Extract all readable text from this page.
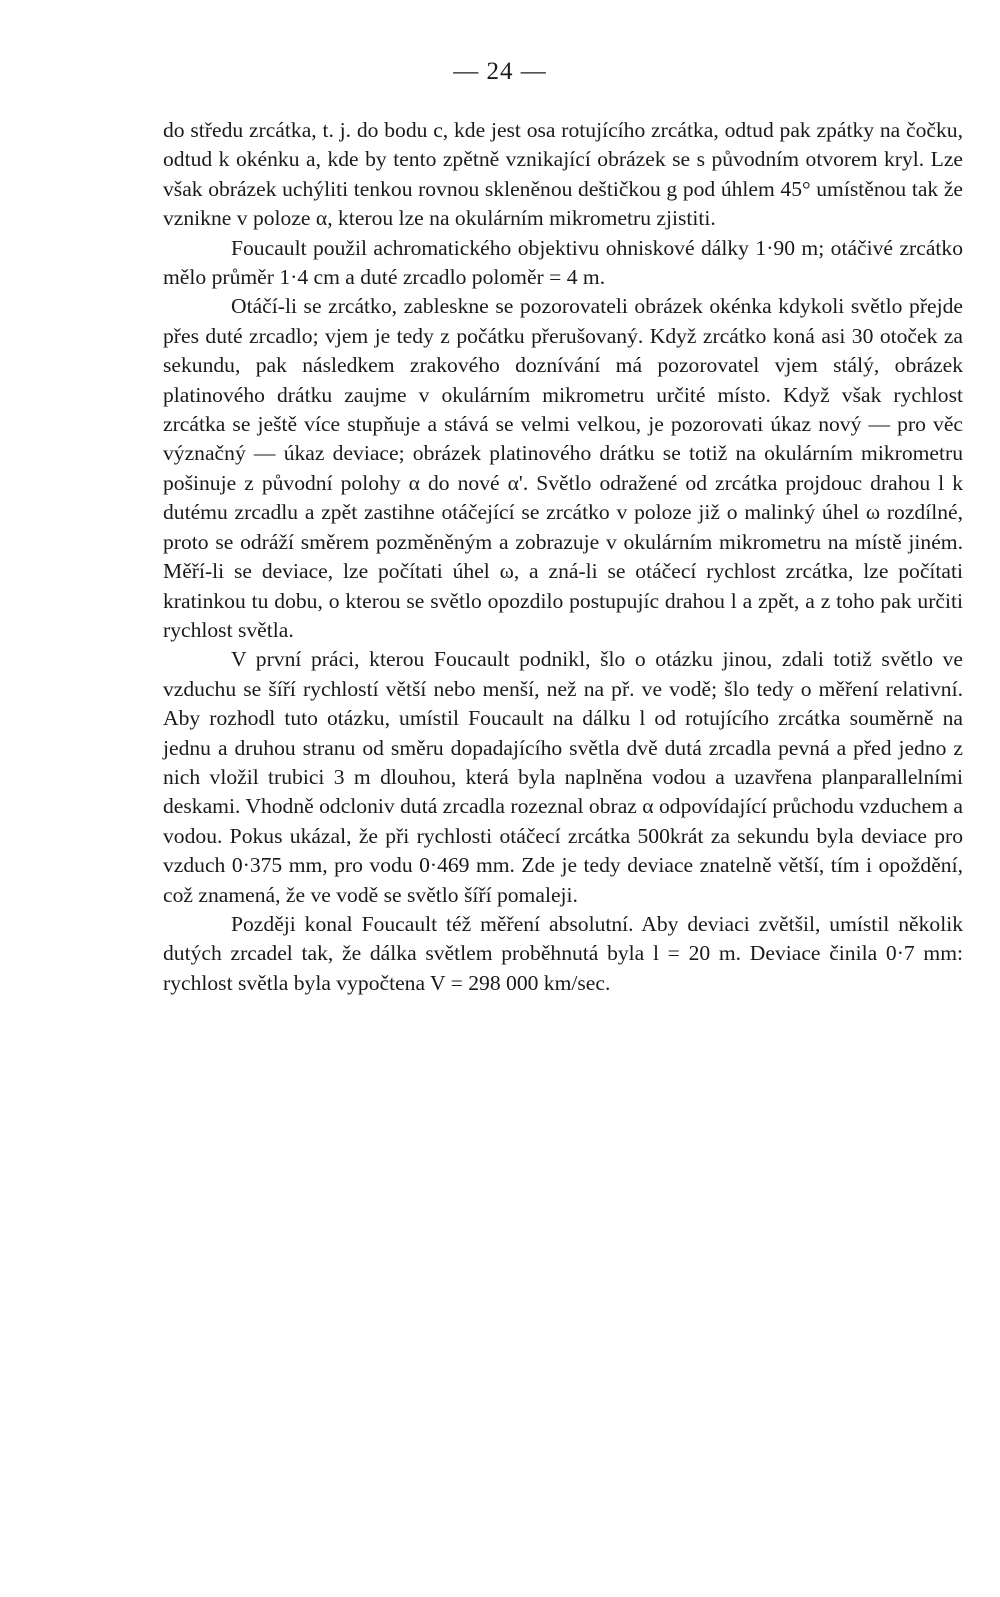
— 24 —

do středu zrcátka, t. j. do bodu c, kde jest osa rotujícího zrcátka, odtud pak zpátky na čočku, odtud k okénku a, kde by tento zpětně vznikající obrázek se s původním otvorem kryl. Lze však obrázek uchýliti tenkou rovnou skleněnou deštičkou g pod úhlem 45° umístěnou tak že vznikne v poloze α, kterou lze na okulárním mikrometru zjistiti.

Foucault použil achromatického objektivu ohniskové dálky 1·90 m; otáčivé zrcátko mělo průměr 1·4 cm a duté zrcadlo poloměr = 4 m.

Otáčí-li se zrcátko, zableskne se pozorovateli obrázek okénka kdykoli světlo přejde přes duté zrcadlo; vjem je tedy z počátku přerušovaný. Když zrcátko koná asi 30 otoček za sekundu, pak následkem zrakového doznívání má pozorovatel vjem stálý, obrázek platinového drátku zaujme v okulárním mikrometru určité místo. Když však rychlost zrcátka se ještě více stupňuje a stává se velmi velkou, je pozorovati úkaz nový — pro věc význačný — úkaz deviace; obrázek platinového drátku se totiž na okulárním mikrometru pošinuje z původní polohy α do nové α'. Světlo odražené od zrcátka projdouc drahou l k dutému zrcadlu a zpět zastihne otáčející se zrcátko v poloze již o malinký úhel ω rozdílné, proto se odráží směrem pozměněným a zobrazuje v okulárním mikrometru na místě jiném. Měří-li se deviace, lze počítati úhel ω, a zná-li se otáčecí rychlost zrcátka, lze počítati kratinkou tu dobu, o kterou se světlo opozdilo postupujíc drahou l a zpět, a z toho pak určiti rychlost světla.

V první práci, kterou Foucault podnikl, šlo o otázku jinou, zdali totiž světlo ve vzduchu se šíří rychlostí větší nebo menší, než na př. ve vodě; šlo tedy o měření relativní. Aby rozhodl tuto otázku, umístil Foucault na dálku l od rotujícího zrcátka souměrně na jednu a druhou stranu od směru dopadajícího světla dvě dutá zrcadla pevná a před jedno z nich vložil trubici 3 m dlouhou, která byla naplněna vodou a uzavřena planparallelními deskami. Vhodně odcloniv dutá zrcadla rozeznal obraz α odpovídající průchodu vzduchem a vodou. Pokus ukázal, že při rychlosti otáčecí zrcátka 500krát za sekundu byla deviace pro vzduch 0·375 mm, pro vodu 0·469 mm. Zde je tedy deviace znatelně větší, tím i opoždění, což znamená, že ve vodě se světlo šíří pomaleji.

Později konal Foucault též měření absolutní. Aby deviaci zvětšil, umístil několik dutých zrcadel tak, že dálka světlem proběhnutá byla l = 20 m. Deviace činila 0·7 mm: rychlost světla byla vypočtena V = 298 000 km/sec.
